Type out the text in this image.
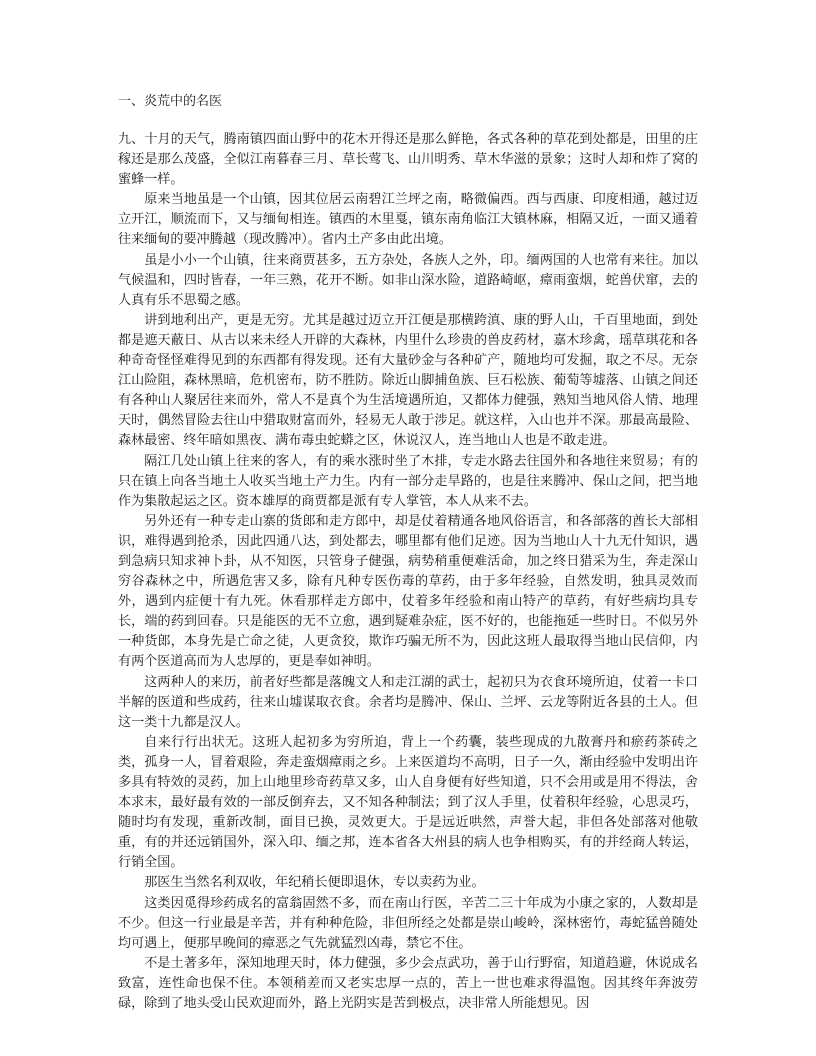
一、炎荒中的名医

九、十月的天气，腾南镇四面山野中的花木开得还是那么鲜艳，各式各种的草花到处都是，田里的庄稼还是那么茂盛，全似江南暮春三月、草长莺飞、山川明秀、草木华滋的景象；这时人却和炸了窝的蜜蜂一样。

原来当地虽是一个山镇，因其位居云南碧江兰坪之南，略微偏西。西与西康、印度相通，越过迈立开江，顺流而下，又与缅甸相连。镇西的木里戛，镇东南角临江大镇林麻，相隔又近，一面又通着往来缅甸的要冲腾越（现改腾冲）。省内土产多由此出境。

虽是小小一个山镇，往来商贾甚多，五方杂处，各族人之外，印。缅两国的人也常有来往。加以气候温和，四时皆春，一年三熟，花开不断。如非山深水险，道路崎岖，瘴雨蛮烟，蛇兽伏窜，去的人真有乐不思蜀之感。

讲到地利出产，更是无穷。尤其是越过迈立开江便是那横跨滇、康的野人山，千百里地面，到处都是遮天蔽日、从古以来未经人开辟的大森林，内里什么珍贵的兽皮药材，嘉木珍禽，瑶草琪花和各种奇奇怪怪难得见到的东西都有得发现。还有大量砂金与各种矿产，随地均可发掘，取之不尽。无奈江山险阻，森林黑暗，危机密布，防不胜防。除近山脚捕鱼族、巨石松族、葡萄等墟落、山镇之间还有各种山人聚居往来而外，常人不是真个为生活境遇所迫，又都体力健强，熟知当地风俗人情、地理天时，偶然冒险去往山中猎取财富而外，轻易无人敢于涉足。就这样，入山也并不深。那最高最险、森林最密、终年暗如黑夜、满布毒虫蛇蟒之区，休说汉人，连当地山人也是不敢走进。

隔江几处山镇上往来的客人，有的乘水涨时坐了木排，专走水路去往国外和各地往来贸易；有的只在镇上向各当地土人收买当地土产力生。内有一部分走旱路的，也是往来腾冲、保山之间，把当地作为集散起运之区。资本雄厚的商贾都是派有专人掌管，本人从来不去。

另外还有一种专走山寨的货郎和走方郎中，却是仗着精通各地风俗语言，和各部落的酋长大部相识，难得遇到抢杀，因此四通八达，到处都去，哪里都有他们足迹。因为当地山人十九无什知识，遇到急病只知求神卜卦，从不知医，只管身子健强，病势稍重便难活命，加之终日猎采为生，奔走深山穷谷森林之中，所遇危害又多，除有凡种专医伤毒的草药，由于多年经验，自然发明，独具灵效而外，遇到内症便十有九死。休看那样走方郎中，仗着多年经验和南山特产的草药，有好些病均具专长，端的药到回春。只是能医的无不立愈，遇到疑难杂症，医不好的，也能拖延一些时日。不似另外一种货郎，本身先是亡命之徒，人更贪狡，欺诈巧骗无所不为，因此这班人最取得当地山民信仰，内有两个医道高而为人忠厚的，更是奉如神明。

这两种人的来历，前者好些都是落魄文人和走江湖的武士，起初只为衣食环境所迫，仗着一卡口半解的医道和些成药，往来山墟谋取衣食。余者均是腾冲、保山、兰坪、云龙等附近各县的土人。但这一类十九都是汉人。

自来行行出状无。这班人起初多为穷所迫，背上一个药囊，装些现成的九散膏丹和瘀药茶砖之类，孤身一人，冒着艰险，奔走蛮烟瘴雨之乡。上来医道均不高明，日子一久，渐由经验中发明出许多具有特效的灵药，加上山地里珍奇药草又多，山人自身便有好些知道，只不会用或是用不得法，舍本求末，最好最有效的一部反倒弃去，又不知各种制法；到了汉人手里，仗着积年经验，心思灵巧，随时均有发现，重新改制，面目已换，灵效更大。于是远近哄然，声誉大起，非但各处部落对他敬重，有的并还远销国外，深入印、缅之邦，连本省各大州县的病人也争相购买，有的并经商人转运，行销全国。

那医生当然名利双收，年纪稍长便即退休，专以卖药为业。

这类因觅得珍药成名的富翁固然不多，而在南山行医，辛苦二三十年成为小康之家的，人数却是不少。但这一行业最是辛苦，并有种种危险，非但所经之处都是崇山峻岭，深林密竹，毒蛇猛兽随处均可遇上，便那早晚间的瘴恶之气先就猛烈凶毒，禁它不住。

不是土著多年，深知地理天时，体力健强，多少会点武功，善于山行野宿，知道趋避，休说成名致富，连性命也保不住。本领稍差而又老实忠厚一点的，苦上一世也难求得温饱。因其终年奔波劳碌，除到了地头受山民欢迎而外，路上光阴实是苦到极点，决非常人所能想见。因
